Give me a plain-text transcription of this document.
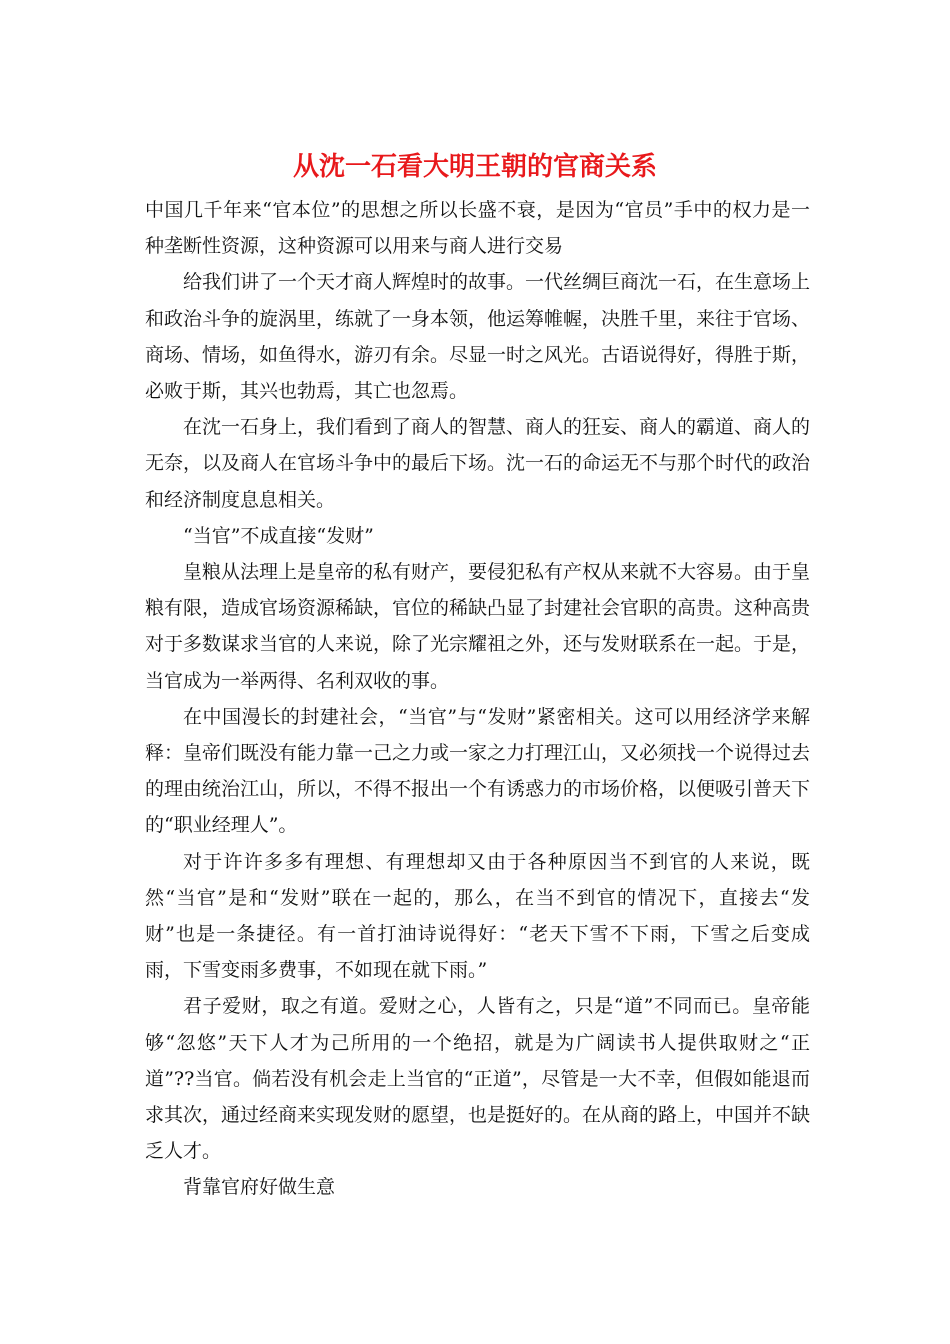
从沈一石看大明王朝的官商关系

中国几千年来“官本位”的思想之所以长盛不衰，是因为“官员”手中的权力是一种垄断性资源，这种资源可以用来与商人进行交易

给我们讲了一个天才商人辉煌时的故事。一代丝绸巨商沈一石，在生意场上和政治斗争的旋涡里，练就了一身本领，他运筹帷幄，决胜千里，来往于官场、商场、情场，如鱼得水，游刃有余。尽显一时之风光。古语说得好，得胜于斯，必败于斯，其兴也勃焉，其亡也忽焉。

在沈一石身上，我们看到了商人的智慧、商人的狂妄、商人的霸道、商人的无奈，以及商人在官场斗争中的最后下场。沈一石的命运无不与那个时代的政治和经济制度息息相关。

“当官”不成直接“发财”

皇粮从法理上是皇帝的私有财产，要侵犯私有产权从来就不大容易。由于皇粮有限，造成官场资源稀缺，官位的稀缺凸显了封建社会官职的高贵。这种高贵对于多数谋求当官的人来说，除了光宗耀祖之外，还与发财联系在一起。于是，当官成为一举两得、名利双收的事。

在中国漫长的封建社会，“当官”与“发财”紧密相关。这可以用经济学来解释：皇帝们既没有能力靠一己之力或一家之力打理江山，又必须找一个说得过去的理由统治江山，所以，不得不报出一个有诱惑力的市场价格，以便吸引普天下的“职业经理人”。

对于许许多多有理想、有理想却又由于各种原因当不到官的人来说，既然“当官”是和“发财”联在一起的，那么，在当不到官的情况下，直接去“发财”也是一条捷径。有一首打油诗说得好：“老天下雪不下雨，下雪之后变成雨，下雪变雨多费事，不如现在就下雨。”

君子爱财，取之有道。爱财之心，人皆有之，只是“道”不同而已。皇帝能够“忽悠”天下人才为己所用的一个绝招，就是为广阔读书人提供取财之“正道”??当官。倘若没有机会走上当官的“正道”，尽管是一大不幸，但假如能退而求其次，通过经商来实现发财的愿望，也是挺好的。在从商的路上，中国并不缺乏人才。

背靠官府好做生意
